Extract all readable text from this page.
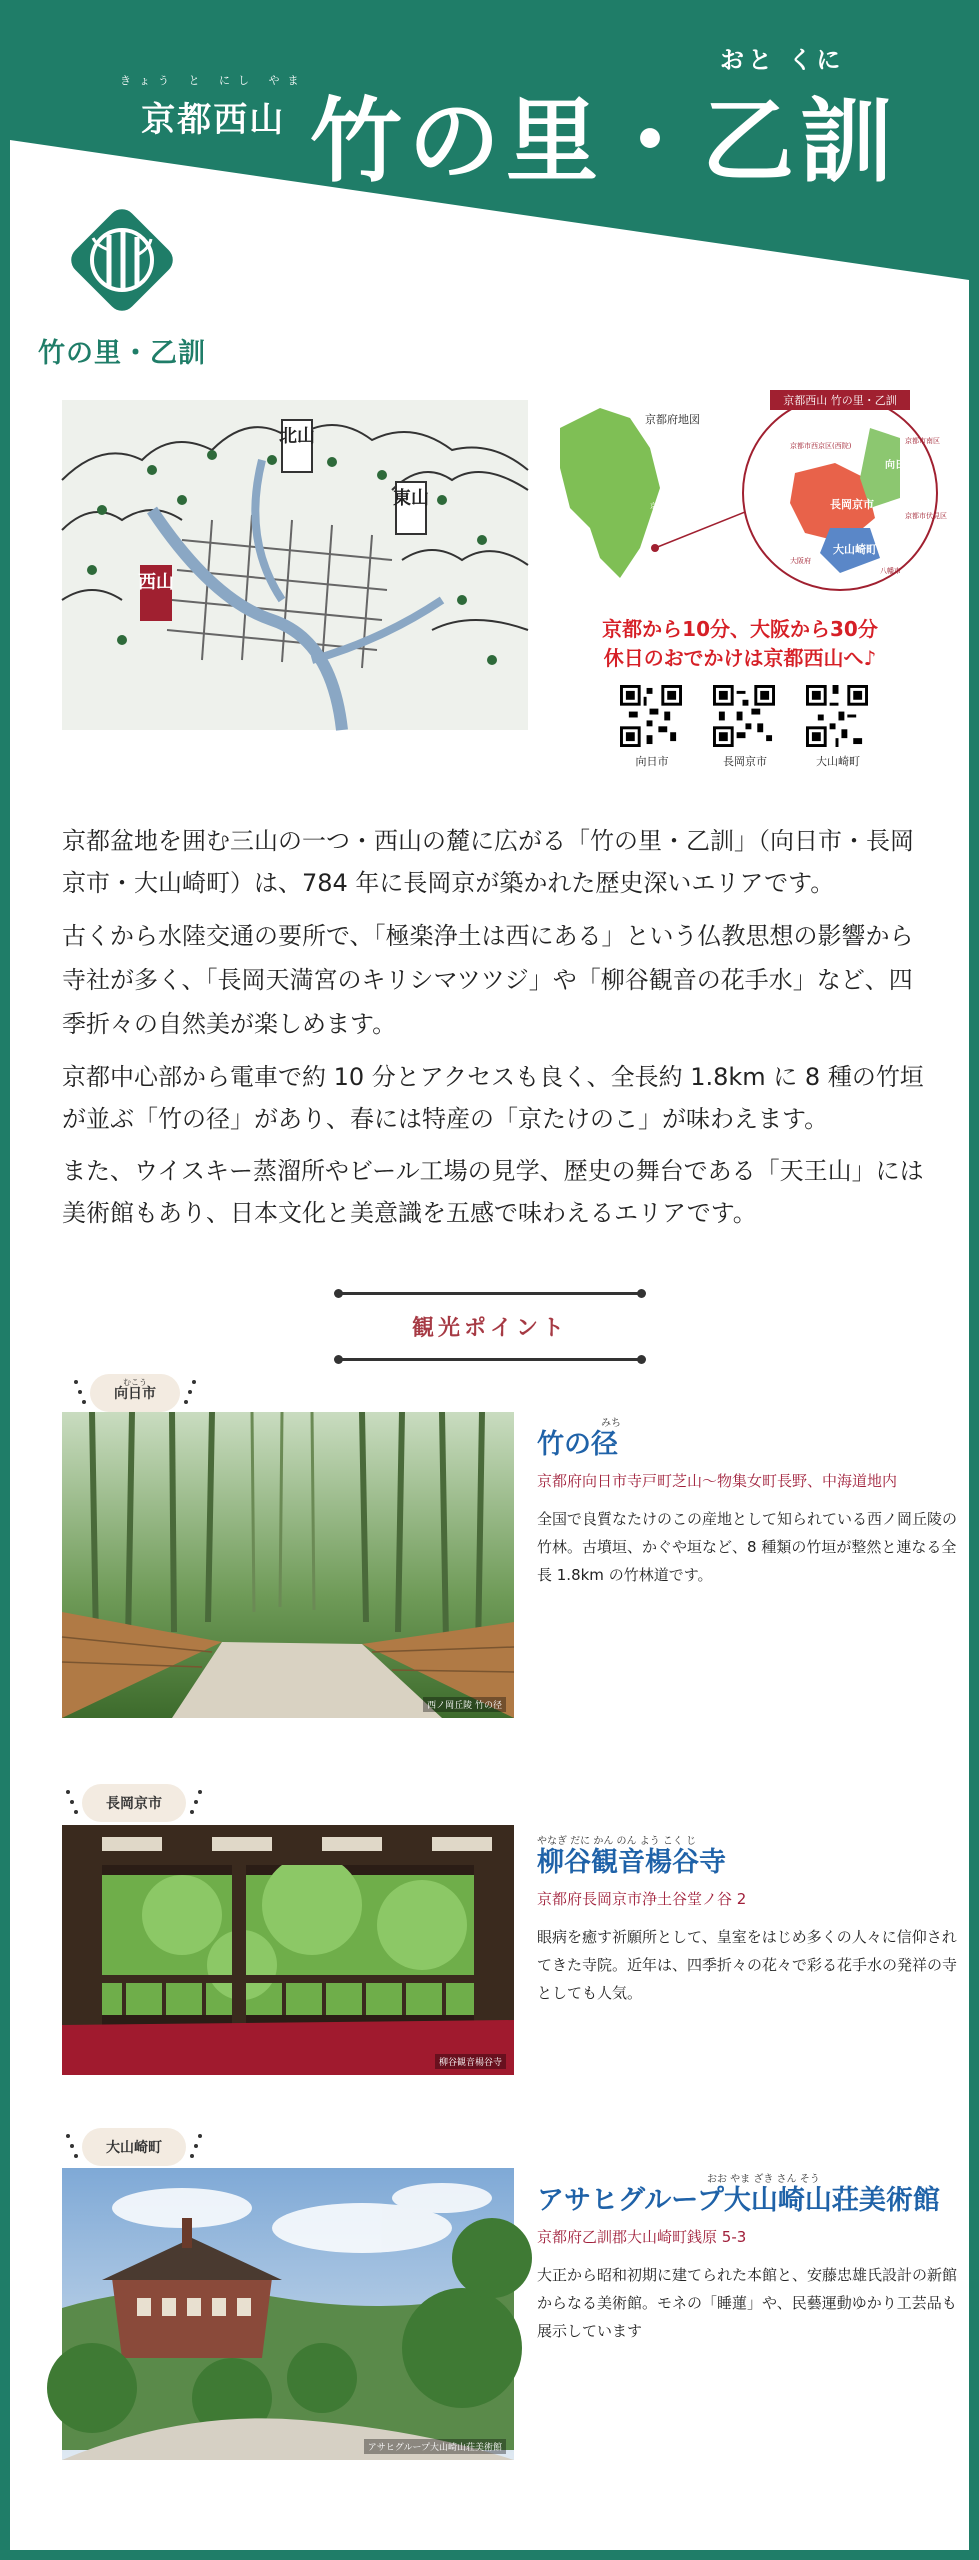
きょう と にし やま
京都西山
おと くに
竹の里・乙訓
竹の里・乙訓
北山
東山
西山
京都府地図
京都西山 竹の里・乙訓
長岡京市
大山崎町
向日市
京都市西京区(西院)
京都市南区
京都市伏見区
大阪府
八幡市
京都市
京都から10分、大阪から30分
休日のおでかけは京都西山へ♪
向日市	長岡京市	大山崎町

京都盆地を囲む三山の一つ・西山の麓に広がる「竹の里・乙訓」（向日市・長岡京市・大山崎町）は、784 年に長岡京が築かれた歴史深いエリアです。

古くから水陸交通の要所で、「極楽浄土は西にある」という仏教思想の影響から寺社が多く、「長岡天満宮のキリシマツツジ」や「柳谷観音の花手水」など、四季折々の自然美が楽しめます。

京都中心部から電車で約 10 分とアクセスも良く、全長約 1.8km に 8 種の竹垣が並ぶ「竹の径」があり、春には特産の「京たけのこ」が味わえます。

また、ウイスキー蒸溜所やビール工場の見学、歴史の舞台である「天王山」には美術館もあり、日本文化と美意識を五感で味わえるエリアです。

観光ポイント
むこう
向日市
西ノ岡丘陵 竹の径
みち
竹の径
京都府向日市寺戸町芝山～物集女町長野、中海道地内
全国で良質なたけのこの産地として知られている西ノ岡丘陵の竹林。古墳垣、かぐや垣など、8 種類の竹垣が整然と連なる全長 1.8km の竹林道です。
長岡京市
柳谷観音楊谷寺
やなぎ だに かん のん よう こく じ
柳谷観音楊谷寺
京都府長岡京市浄土谷堂ノ谷 2
眼病を癒す祈願所として、皇室をはじめ多くの人々に信仰されてきた寺院。近年は、四季折々の花々で彩る花手水の発祥の寺としても人気。
大山崎町
アサヒグループ大山崎山荘美術館
おお やま ざき さん そう
アサヒグループ大山崎山荘美術館
京都府乙訓郡大山崎町銭原 5-3
大正から昭和初期に建てられた本館と、安藤忠雄氏設計の新館からなる美術館。モネの「睡蓮」や、民藝運動ゆかり工芸品も展示しています
